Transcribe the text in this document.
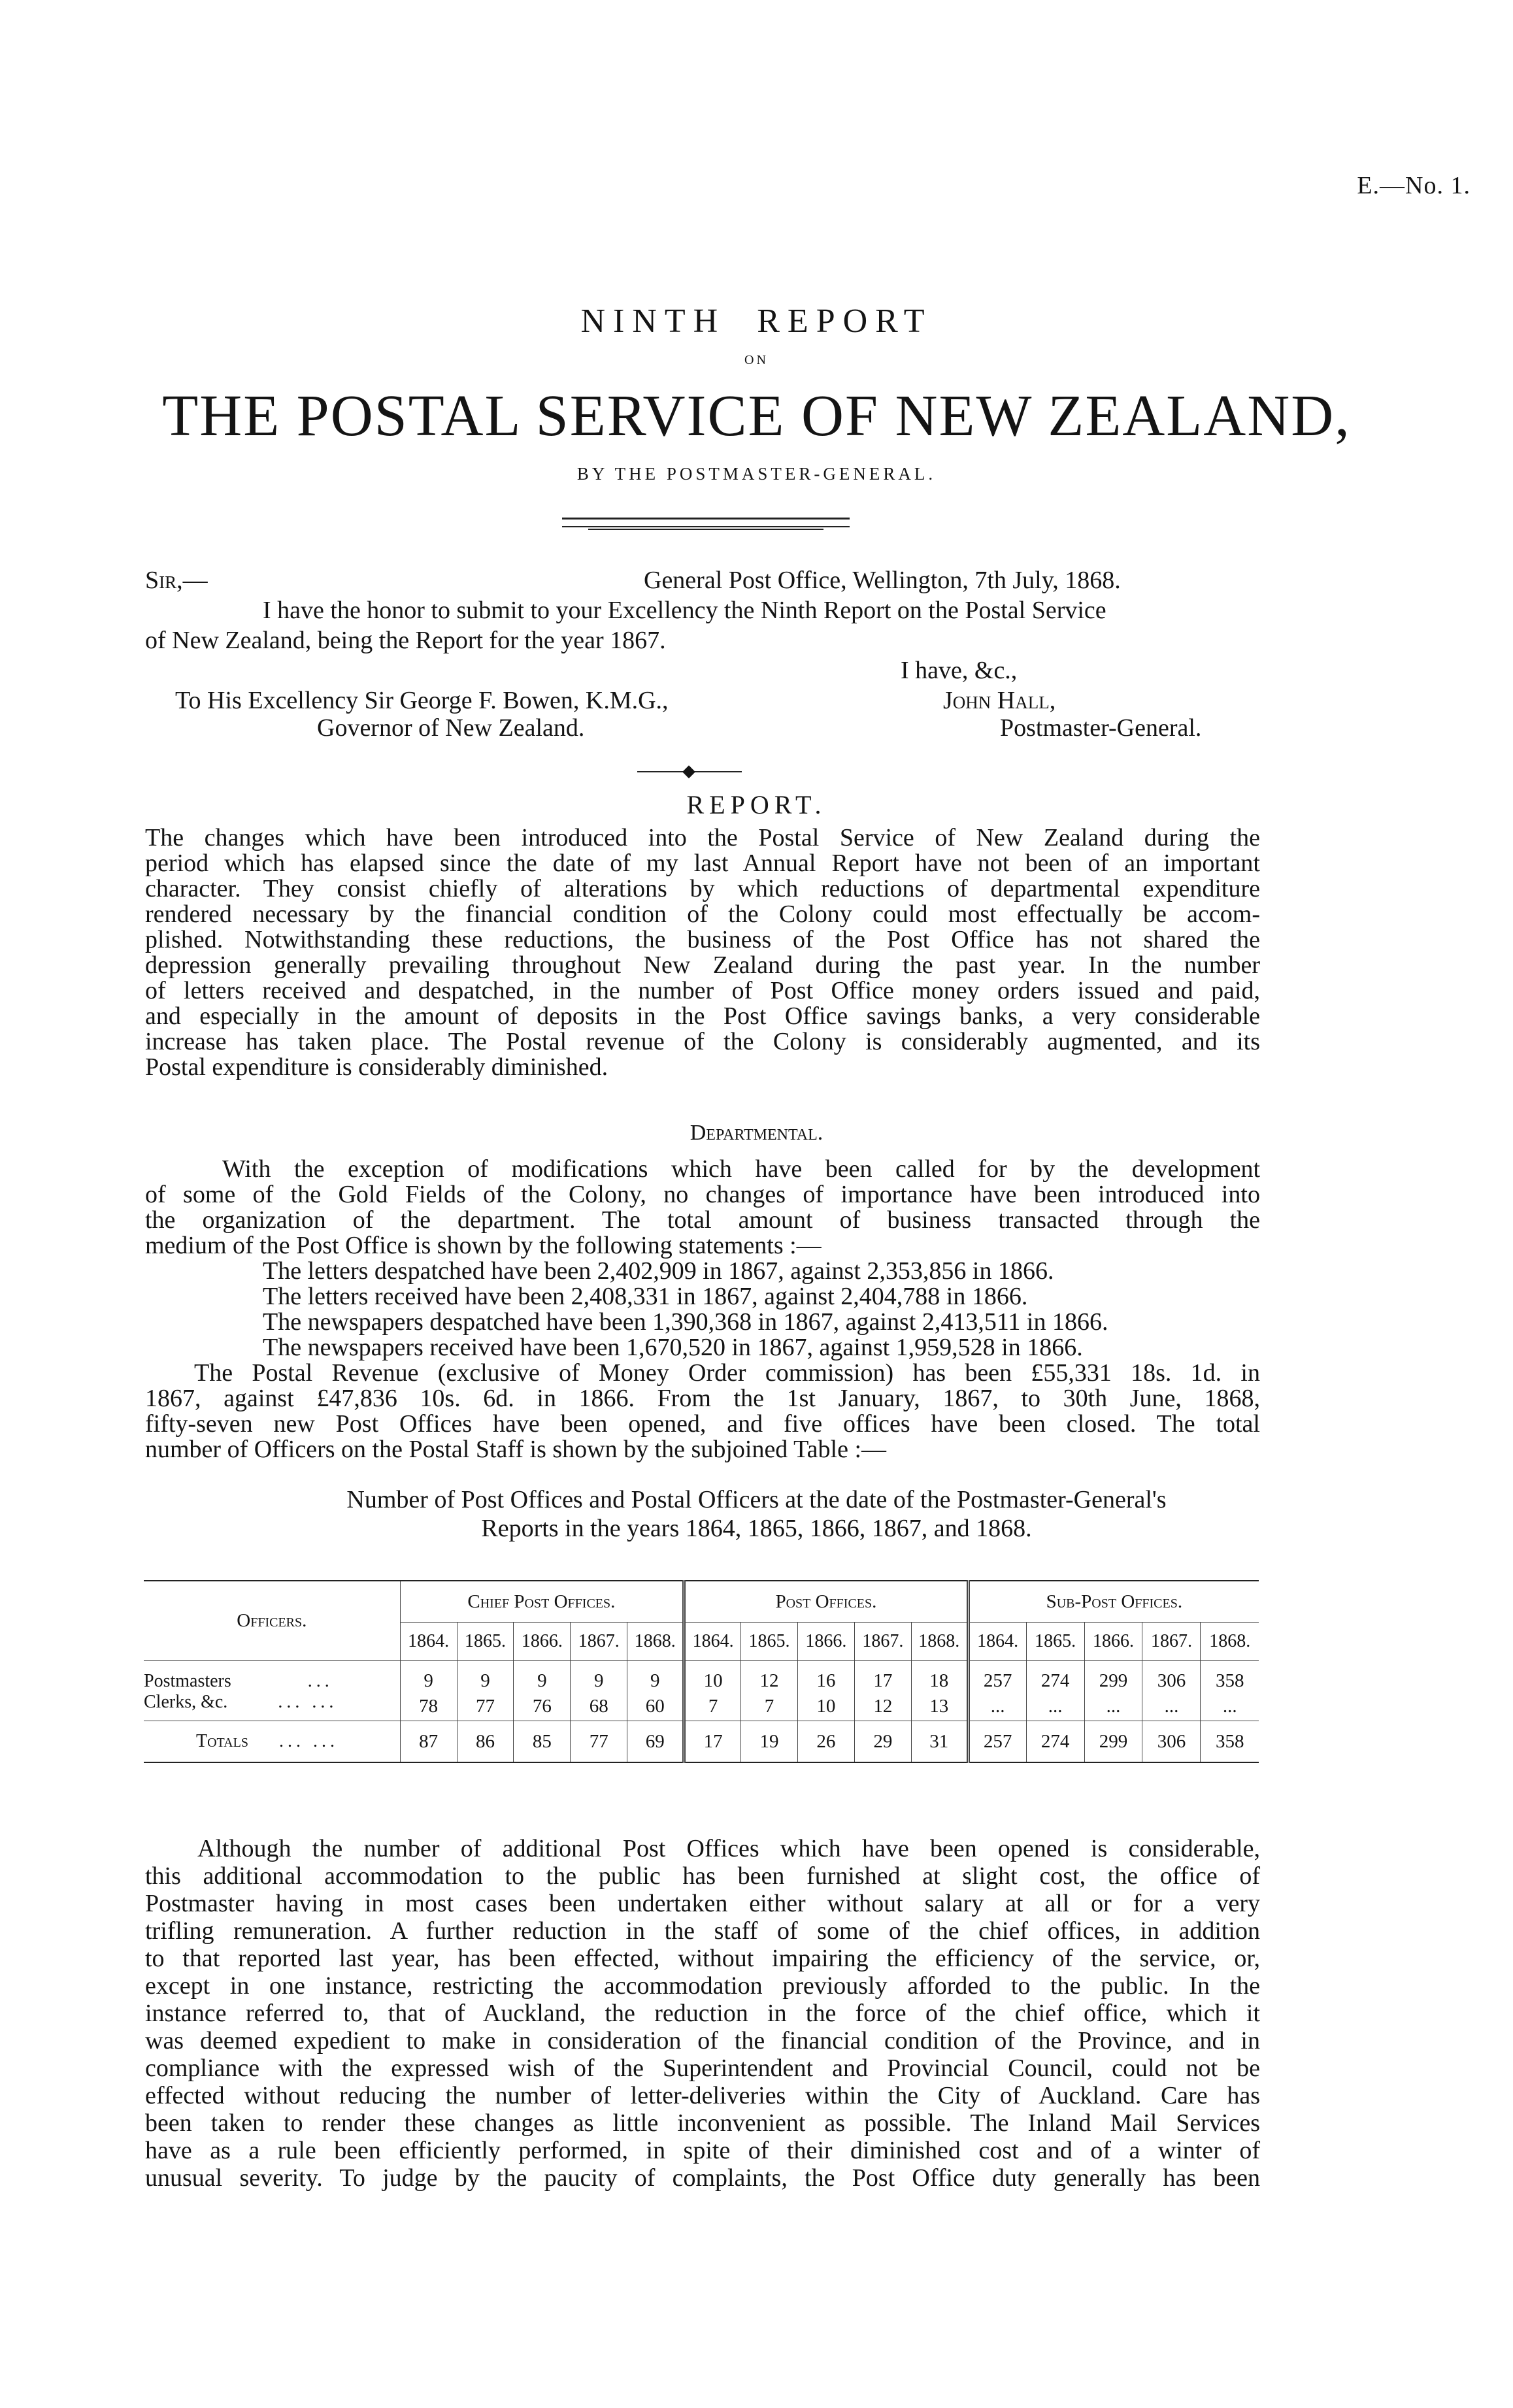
E.—No. 1.
NINTH REPORT
ON
THE POSTAL SERVICE OF NEW ZEALAND,
BY THE POSTMASTER-GENERAL.
Sir,—	General Post Office, Wellington, 7th July, 1868.
I have the honor to submit to your Excellency the Ninth Report on the Postal Service
of New Zealand, being the Report for the year 1867.
I have, &c.,
To His Excellency Sir George F. Bowen, K.M.G.,	John Hall,
Governor of New Zealand.	Postmaster-General.
◆
REPORT.
The changes which have been introduced into the Postal Service of New Zealand during the
period which has elapsed since the date of my last Annual Report have not been of an important
character. They consist chiefly of alterations by which reductions of departmental expenditure
rendered necessary by the financial condition of the Colony could most effectually be accom-
plished. Notwithstanding these reductions, the business of the Post Office has not shared the
depression generally prevailing throughout New Zealand during the past year. In the number
of letters received and despatched, in the number of Post Office money orders issued and paid,
and especially in the amount of deposits in the Post Office savings banks, a very considerable
increase has taken place. The Postal revenue of the Colony is considerably augmented, and its
Postal expenditure is considerably diminished.
Departmental.
With the exception of modifications which have been called for by the development
of some of the Gold Fields of the Colony, no changes of importance have been introduced into
the organization of the department. The total amount of business transacted through the
medium of the Post Office is shown by the following statements :—
The letters despatched have been 2,402,909 in 1867, against 2,353,856 in 1866.
The letters received have been 2,408,331 in 1867, against 2,404,788 in 1866.
The newspapers despatched have been 1,390,368 in 1867, against 2,413,511 in 1866.
The newspapers received have been 1,670,520 in 1867, against 1,959,528 in 1866.
The Postal Revenue (exclusive of Money Order commission) has been £55,331 18s. 1d. in
1867, against £47,836 10s. 6d. in 1866. From the 1st January, 1867, to 30th June, 1868,
fifty-seven new Post Offices have been opened, and five offices have been closed. The total
number of Officers on the Postal Staff is shown by the subjoined Table :—
Number of Post Offices and Postal Officers at the date of the Postmaster-General's
Reports in the years 1864, 1865, 1866, 1867, and 1868.
Officers.	Chief Post Offices.					Post Offices.					Sub-Post Offices.				
	1864.	1865.	1866.	1867.	1868.	1864.	1865.	1866.	1867.	1868.	1864.	1865.	1866.	1867.	1868.
Postmasters ...	9	9	9	9	9	10	12	16	17	18	257	274	299	306	358
Clerks, &c. ... ...	78	77	76	68	60	7	7	10	12	13	...	...	...	...	...
Totals ... ...	87	86	85	77	69	17	19	26	29	31	257	274	299	306	358
Although the number of additional Post Offices which have been opened is considerable,
this additional accommodation to the public has been furnished at slight cost, the office of
Postmaster having in most cases been undertaken either without salary at all or for a very
trifling remuneration. A further reduction in the staff of some of the chief offices, in addition
to that reported last year, has been effected, without impairing the efficiency of the service, or,
except in one instance, restricting the accommodation previously afforded to the public. In the
instance referred to, that of Auckland, the reduction in the force of the chief office, which it
was deemed expedient to make in consideration of the financial condition of the Province, and in
compliance with the expressed wish of the Superintendent and Provincial Council, could not be
effected without reducing the number of letter-deliveries within the City of Auckland. Care has
been taken to render these changes as little inconvenient as possible. The Inland Mail Services
have as a rule been efficiently performed, in spite of their diminished cost and of a winter of
unusual severity. To judge by the paucity of complaints, the Post Office duty generally has been
